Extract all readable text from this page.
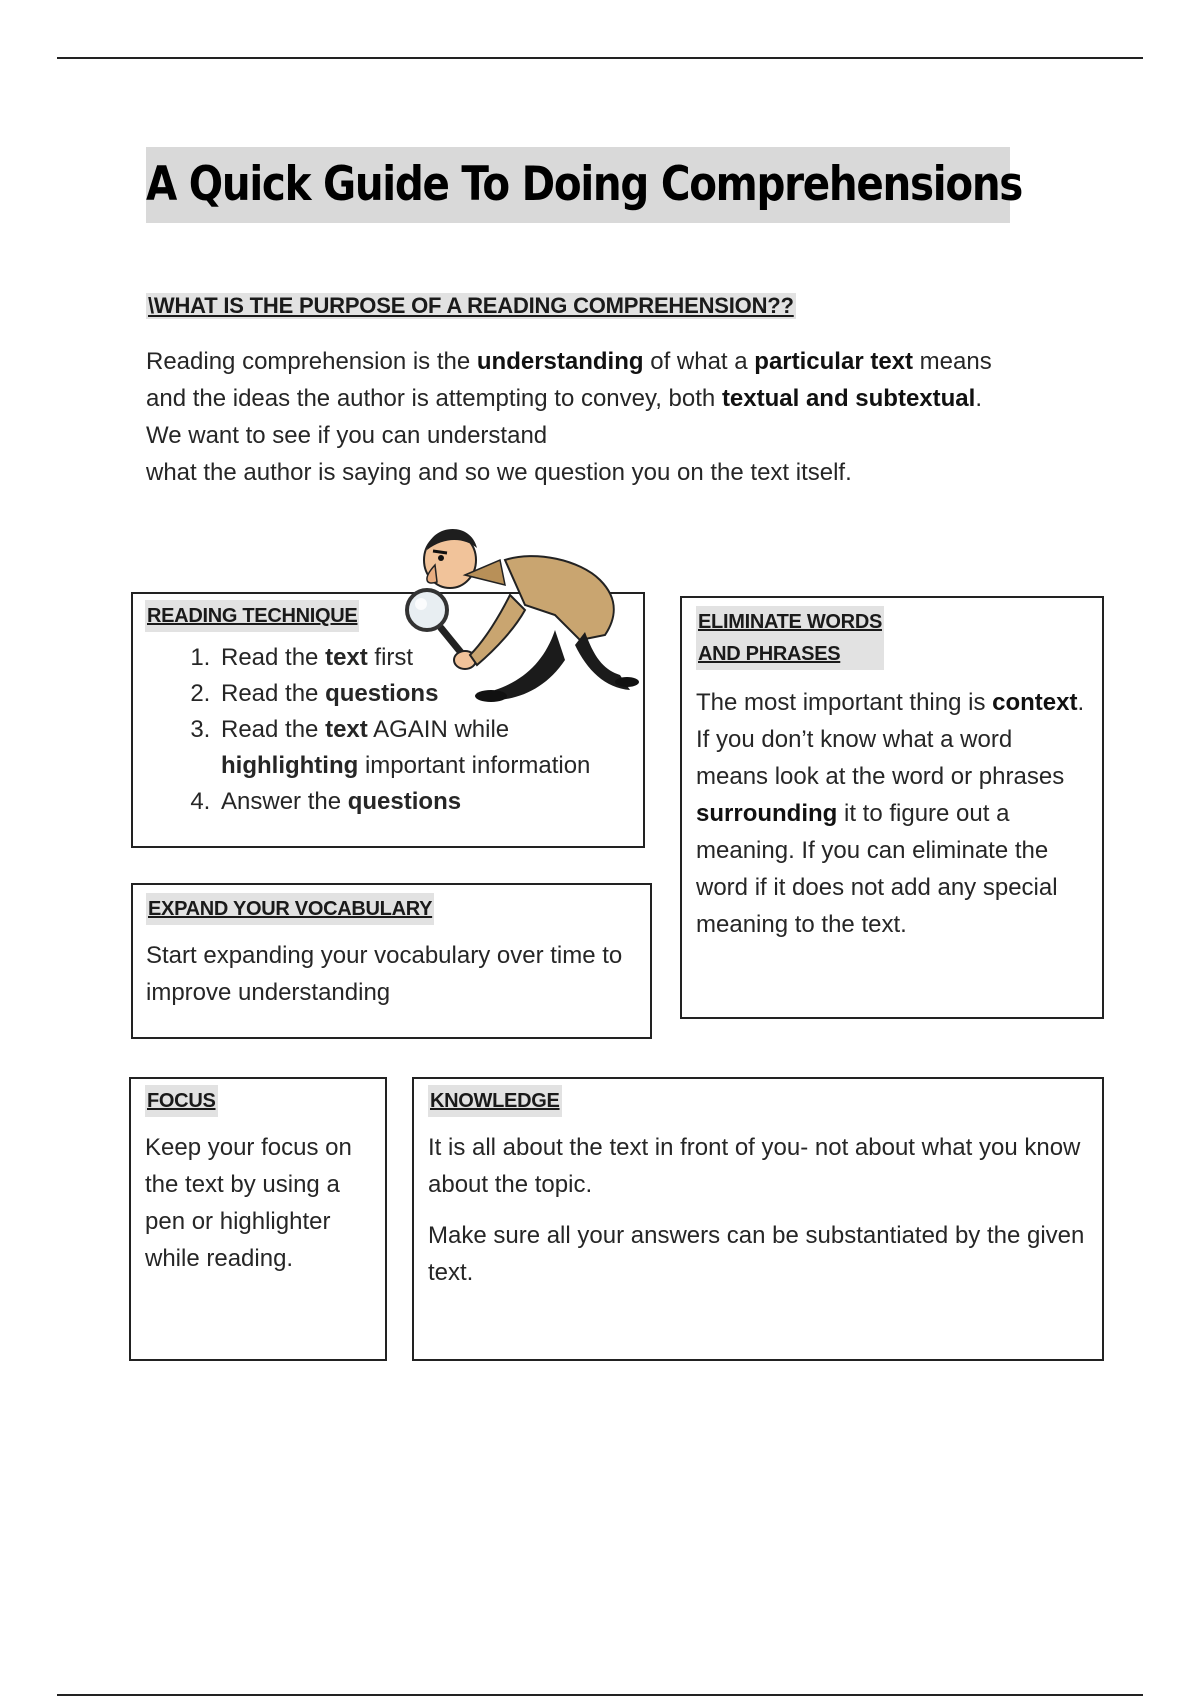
A Quick Guide To Doing Comprehensions
\WHAT IS THE PURPOSE OF A READING COMPREHENSION??

Reading comprehension is the understanding of what a particular text means
and the ideas the author is attempting to convey, both textual and subtextual.
We want to see if you can understand
what the author is saying and so we question you on the text itself.

READING TECHNIQUE
1. Read the text first
2. Read the questions
3. Read the text AGAIN while highlighting important information
4. Answer the questions
EXPAND YOUR VOCABULARY

Start expanding your vocabulary over time to improve understanding

ELIMINATE WORDS
AND PHRASES

The most important thing is context. If you don’t know what a word means look at the word or phrases surrounding it to figure out a meaning. If you can eliminate the word if it does not add any special meaning to the text.

FOCUS

Keep your focus on the text by using a pen or highlighter while reading.

KNOWLEDGE

It is all about the text in front of you- not about what you know about the topic.

Make sure all your answers can be substantiated by the given text.
